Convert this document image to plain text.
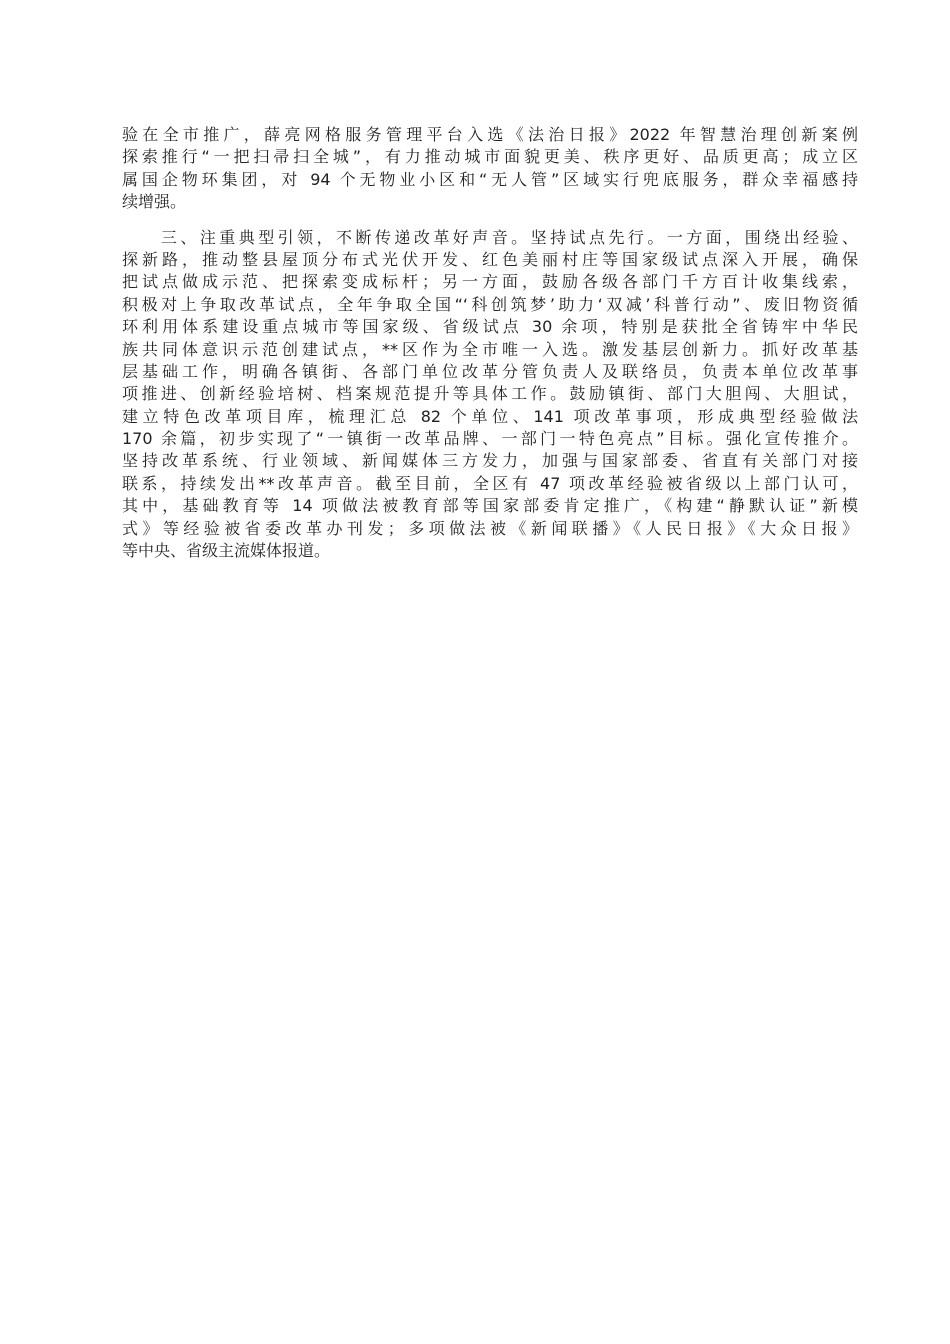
验在全市推广，薛亮网格服务管理平台入选《法治日报》2022 年智慧治理创新案例
探索推行“一把扫帚扫全城”，有力推动城市面貌更美、秩序更好、品质更高；成立区
属国企物环集团，对 94 个无物业小区和“无人管”区域实行兜底服务，群众幸福感持
续增强。
　　三、注重典型引领，不断传递改革好声音。坚持试点先行。一方面，围绕出经验、
探新路，推动整县屋顶分布式光伏开发、红色美丽村庄等国家级试点深入开展，确保
把试点做成示范、把探索变成标杆；另一方面，鼓励各级各部门千方百计收集线索，
积极对上争取改革试点，全年争取全国“‘科创筑梦’助力‘双减’科普行动”、废旧物资循
环利用体系建设重点城市等国家级、省级试点 30 余项，特别是获批全省铸牢中华民
族共同体意识示范创建试点，**区作为全市唯一入选。激发基层创新力。抓好改革基
层基础工作，明确各镇街、各部门单位改革分管负责人及联络员，负责本单位改革事
项推进、创新经验培树、档案规范提升等具体工作。鼓励镇街、部门大胆闯、大胆试，
建立特色改革项目库，梳理汇总 82 个单位、141 项改革事项，形成典型经验做法
170 余篇，初步实现了“一镇街一改革品牌、一部门一特色亮点”目标。强化宣传推介。
坚持改革系统、行业领域、新闻媒体三方发力，加强与国家部委、省直有关部门对接
联系，持续发出**改革声音。截至目前，全区有 47 项改革经验被省级以上部门认可，
其中，基础教育等 14 项做法被教育部等国家部委肯定推广，《构建“静默认证”新模
式》等经验被省委改革办刊发；多项做法被《新闻联播》《人民日报》《大众日报》
等中央、省级主流媒体报道。
